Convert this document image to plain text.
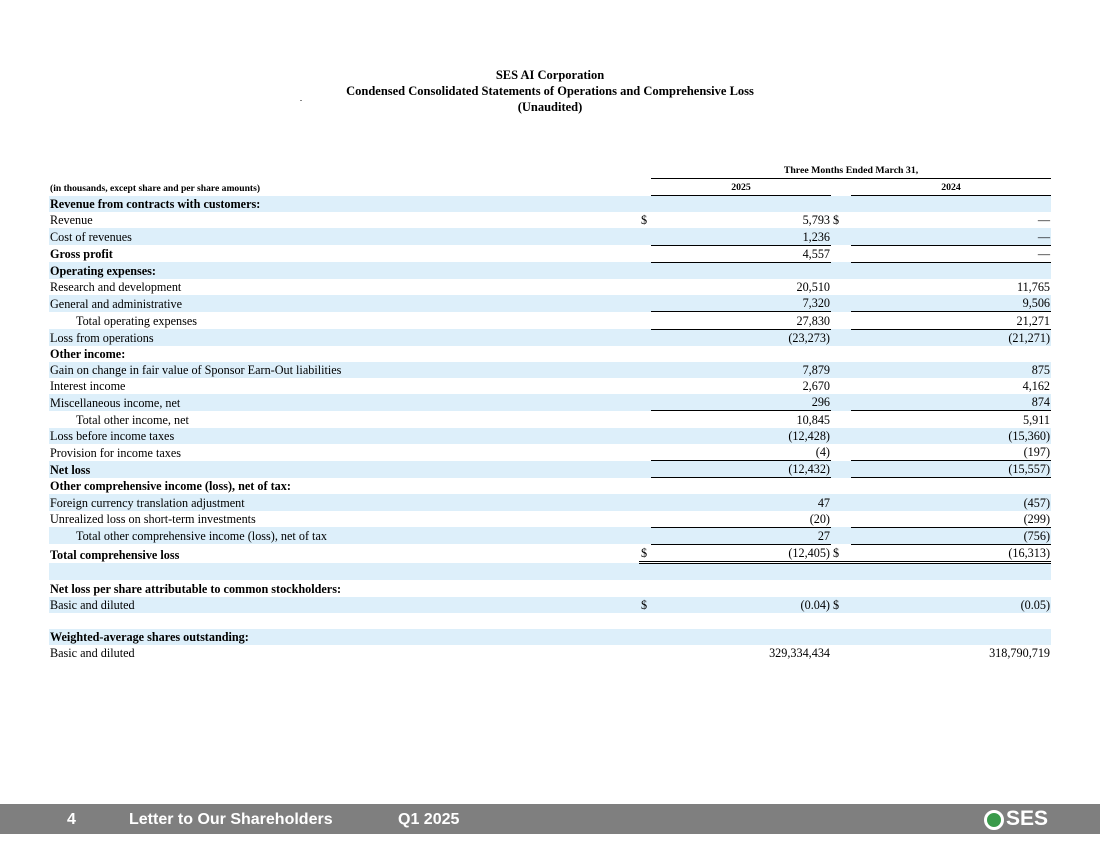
SES AI Corporation
Condensed Consolidated Statements of Operations and Comprehensive Loss
(Unaudited)
		Three Months Ended March 31,		
(in thousands, except share and per share amounts)		2025		2024
Revenue from contracts with customers:				
Revenue	$	5,793	$	—
Cost of revenues		1,236		—
Gross profit		4,557		—
Operating expenses:				
Research and development		20,510		11,765
General and administrative		7,320		9,506
Total operating expenses		27,830		21,271
Loss from operations		(23,273)		(21,271)
Other income:				
Gain on change in fair value of Sponsor Earn-Out liabilities		7,879		875
Interest income		2,670		4,162
Miscellaneous income, net		296		874
Total other income, net		10,845		5,911
Loss before income taxes		(12,428)		(15,360)
Provision for income taxes		(4)		(197)
Net loss		(12,432)		(15,557)
Other comprehensive income (loss), net of tax:				
Foreign currency translation adjustment		47		(457)
Unrealized loss on short-term investments		(20)		(299)
Total other comprehensive income (loss), net of tax		27		(756)
Total comprehensive loss	$	(12,405)	$	(16,313)

Net loss per share attributable to common stockholders:				
Basic and diluted	$	(0.04)	$	(0.05)

Weighted-average shares outstanding:				
Basic and diluted		329,334,434		318,790,719
4	Letter to Our Shareholders	Q1 2025	SES
